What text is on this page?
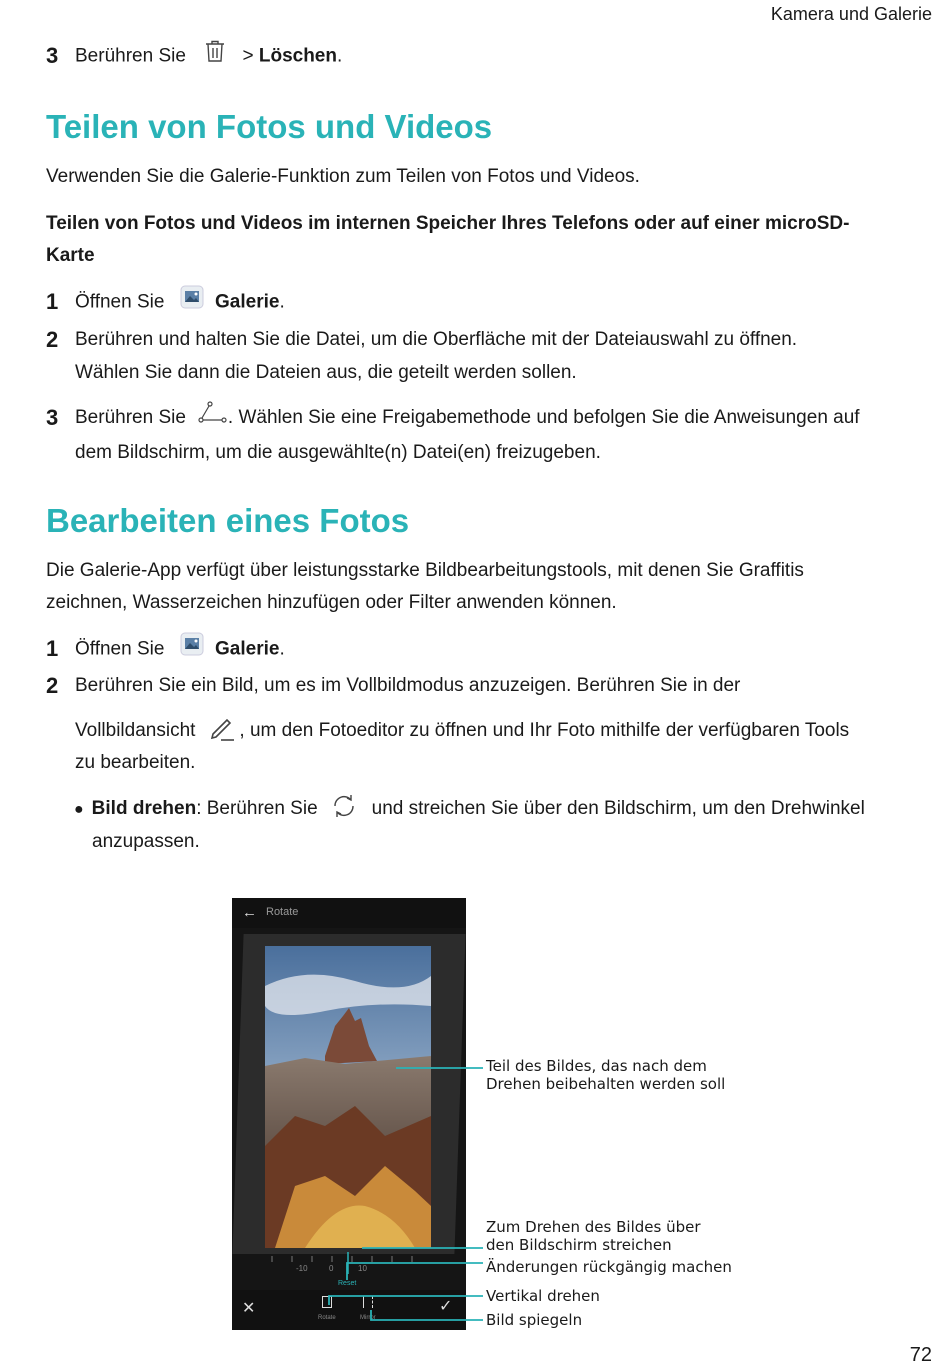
Kamera und Galerie
3 Berühren Sie	> Löschen.
Teilen von Fotos und Videos
Verwenden Sie die Galerie-Funktion zum Teilen von Fotos und Videos.
Teilen von Fotos und Videos im internen Speicher Ihres Telefons oder auf einer microSD-
Karte
1 Öffnen Sie	Galerie.
2 Berühren und halten Sie die Datei, um die Oberfläche mit der Dateiauswahl zu öffnen.
Wählen Sie dann die Dateien aus, die geteilt werden sollen.
3 Berühren Sie . Wählen Sie eine Freigabemethode und befolgen Sie die Anweisungen auf
dem Bildschirm, um die ausgewählte(n) Datei(en) freizugeben.
Bearbeiten eines Fotos
Die Galerie-App verfügt über leistungsstarke Bildbearbeitungstools, mit denen Sie Graffitis
zeichnen, Wasserzeichen hinzufügen oder Filter anwenden können.
1 Öffnen Sie	Galerie.
2 Berühren Sie ein Bild, um es im Vollbildmodus anzuzeigen. Berühren Sie in der
Vollbildansicht , um den Fotoeditor zu öffnen und Ihr Foto mithilfe der verfügbaren Tools
zu bearbeiten.
● Bild drehen: Berühren Sie	und streichen Sie über den Bildschirm, um den Drehwinkel
anzupassen.
← Rotate
-10	0	10
Reset
✕
Rotate	Mirror
✓
Teil des Bildes, das nach dem
Drehen beibehalten werden soll
Zum Drehen des Bildes über
den Bildschirm streichen
Änderungen rückgängig machen
Vertikal drehen
Bild spiegeln
72
